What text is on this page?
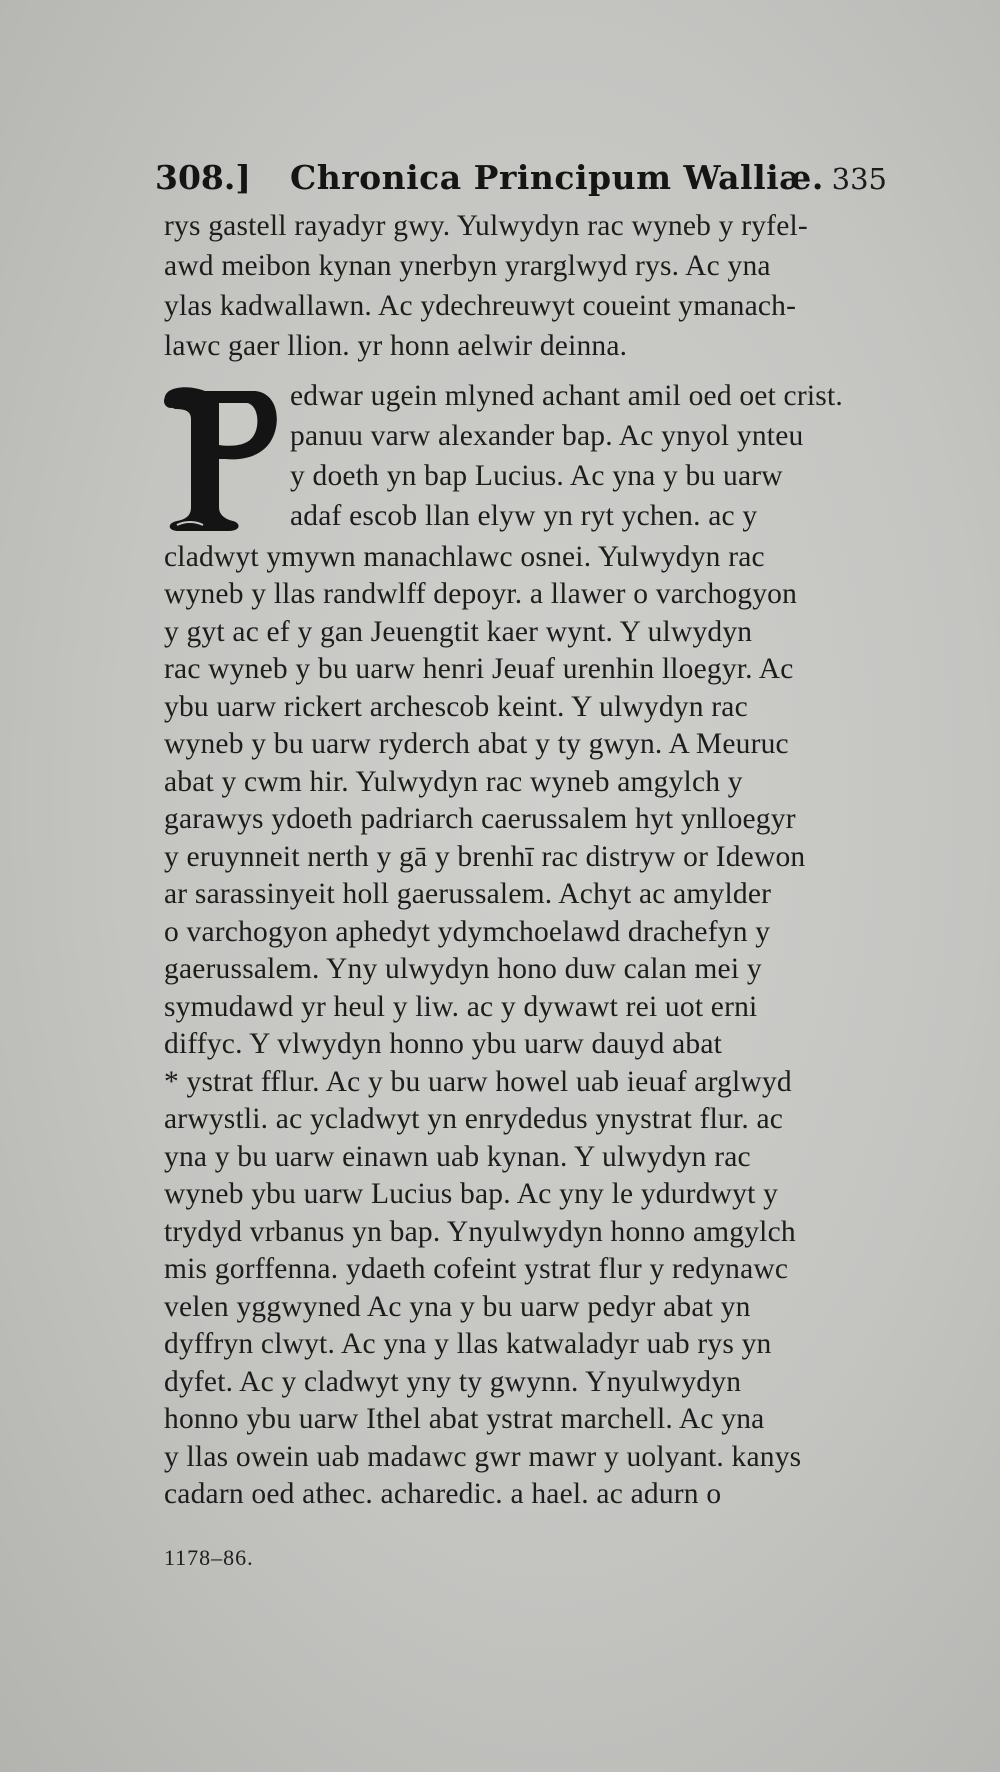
308.] Chronica Principum Walliæ. 335
rys gastell rayadyr gwy. Yulwydyn rac wyneb y ryfel-
awd meibon kynan ynerbyn yrarglwyd rys. Ac yna
ylas kadwallawn. Ac ydechreuwyt coueint ymanach-
lawc gaer llion. yr honn aelwir deinna.
edwar ugein mlyned achant amil oed oet crist.
panuu varw alexander bap. Ac ynyol ynteu
y doeth yn bap Lucius. Ac yna y bu uarw
adaf escob llan elyw yn ryt ychen. ac y
cladwyt ymywn manachlawc osnei. Yulwydyn rac
wyneb y llas randwlff depoyr. a llawer o varchogyon
y gyt ac ef y gan Jeuengtit kaer wynt. Y ulwydyn
rac wyneb y bu uarw henri Jeuaf urenhin lloegyr. Ac
ybu uarw rickert archescob keint. Y ulwydyn rac
wyneb y bu uarw ryderch abat y ty gwyn. A Meuruc
abat y cwm hir. Yulwydyn rac wyneb amgylch y
garawys ydoeth padriarch caerussalem hyt ynlloegyr
y eruynneit nerth y gā y brenhī rac distryw or Idewon
ar sarassinyeit holl gaerussalem. Achyt ac amylder
o varchogyon aphedyt ydymchoelawd drachefyn y
gaerussalem. Yny ulwydyn hono duw calan mei y
symudawd yr heul y liw. ac y dywawt rei uot erni
diffyc. Y vlwydyn honno ybu uarw dauyd abat
* ystrat fflur. Ac y bu uarw howel uab ieuaf arglwyd
arwystli. ac ycladwyt yn enrydedus ynystrat flur. ac
yna y bu uarw einawn uab kynan. Y ulwydyn rac
wyneb ybu uarw Lucius bap. Ac yny le ydurdwyt y
trydyd vrbanus yn bap. Ynyulwydyn honno amgylch
mis gorffenna. ydaeth cofeint ystrat flur y redynawc
velen yggwyned Ac yna y bu uarw pedyr abat yn
dyffryn clwyt. Ac yna y llas katwaladyr uab rys yn
dyfet. Ac y cladwyt yny ty gwynn. Ynyulwydyn
honno ybu uarw Ithel abat ystrat marchell. Ac yna
y llas owein uab madawc gwr mawr y uolyant. kanys
cadarn oed athec. acharedic. a hael. ac adurn o
1178–86.
